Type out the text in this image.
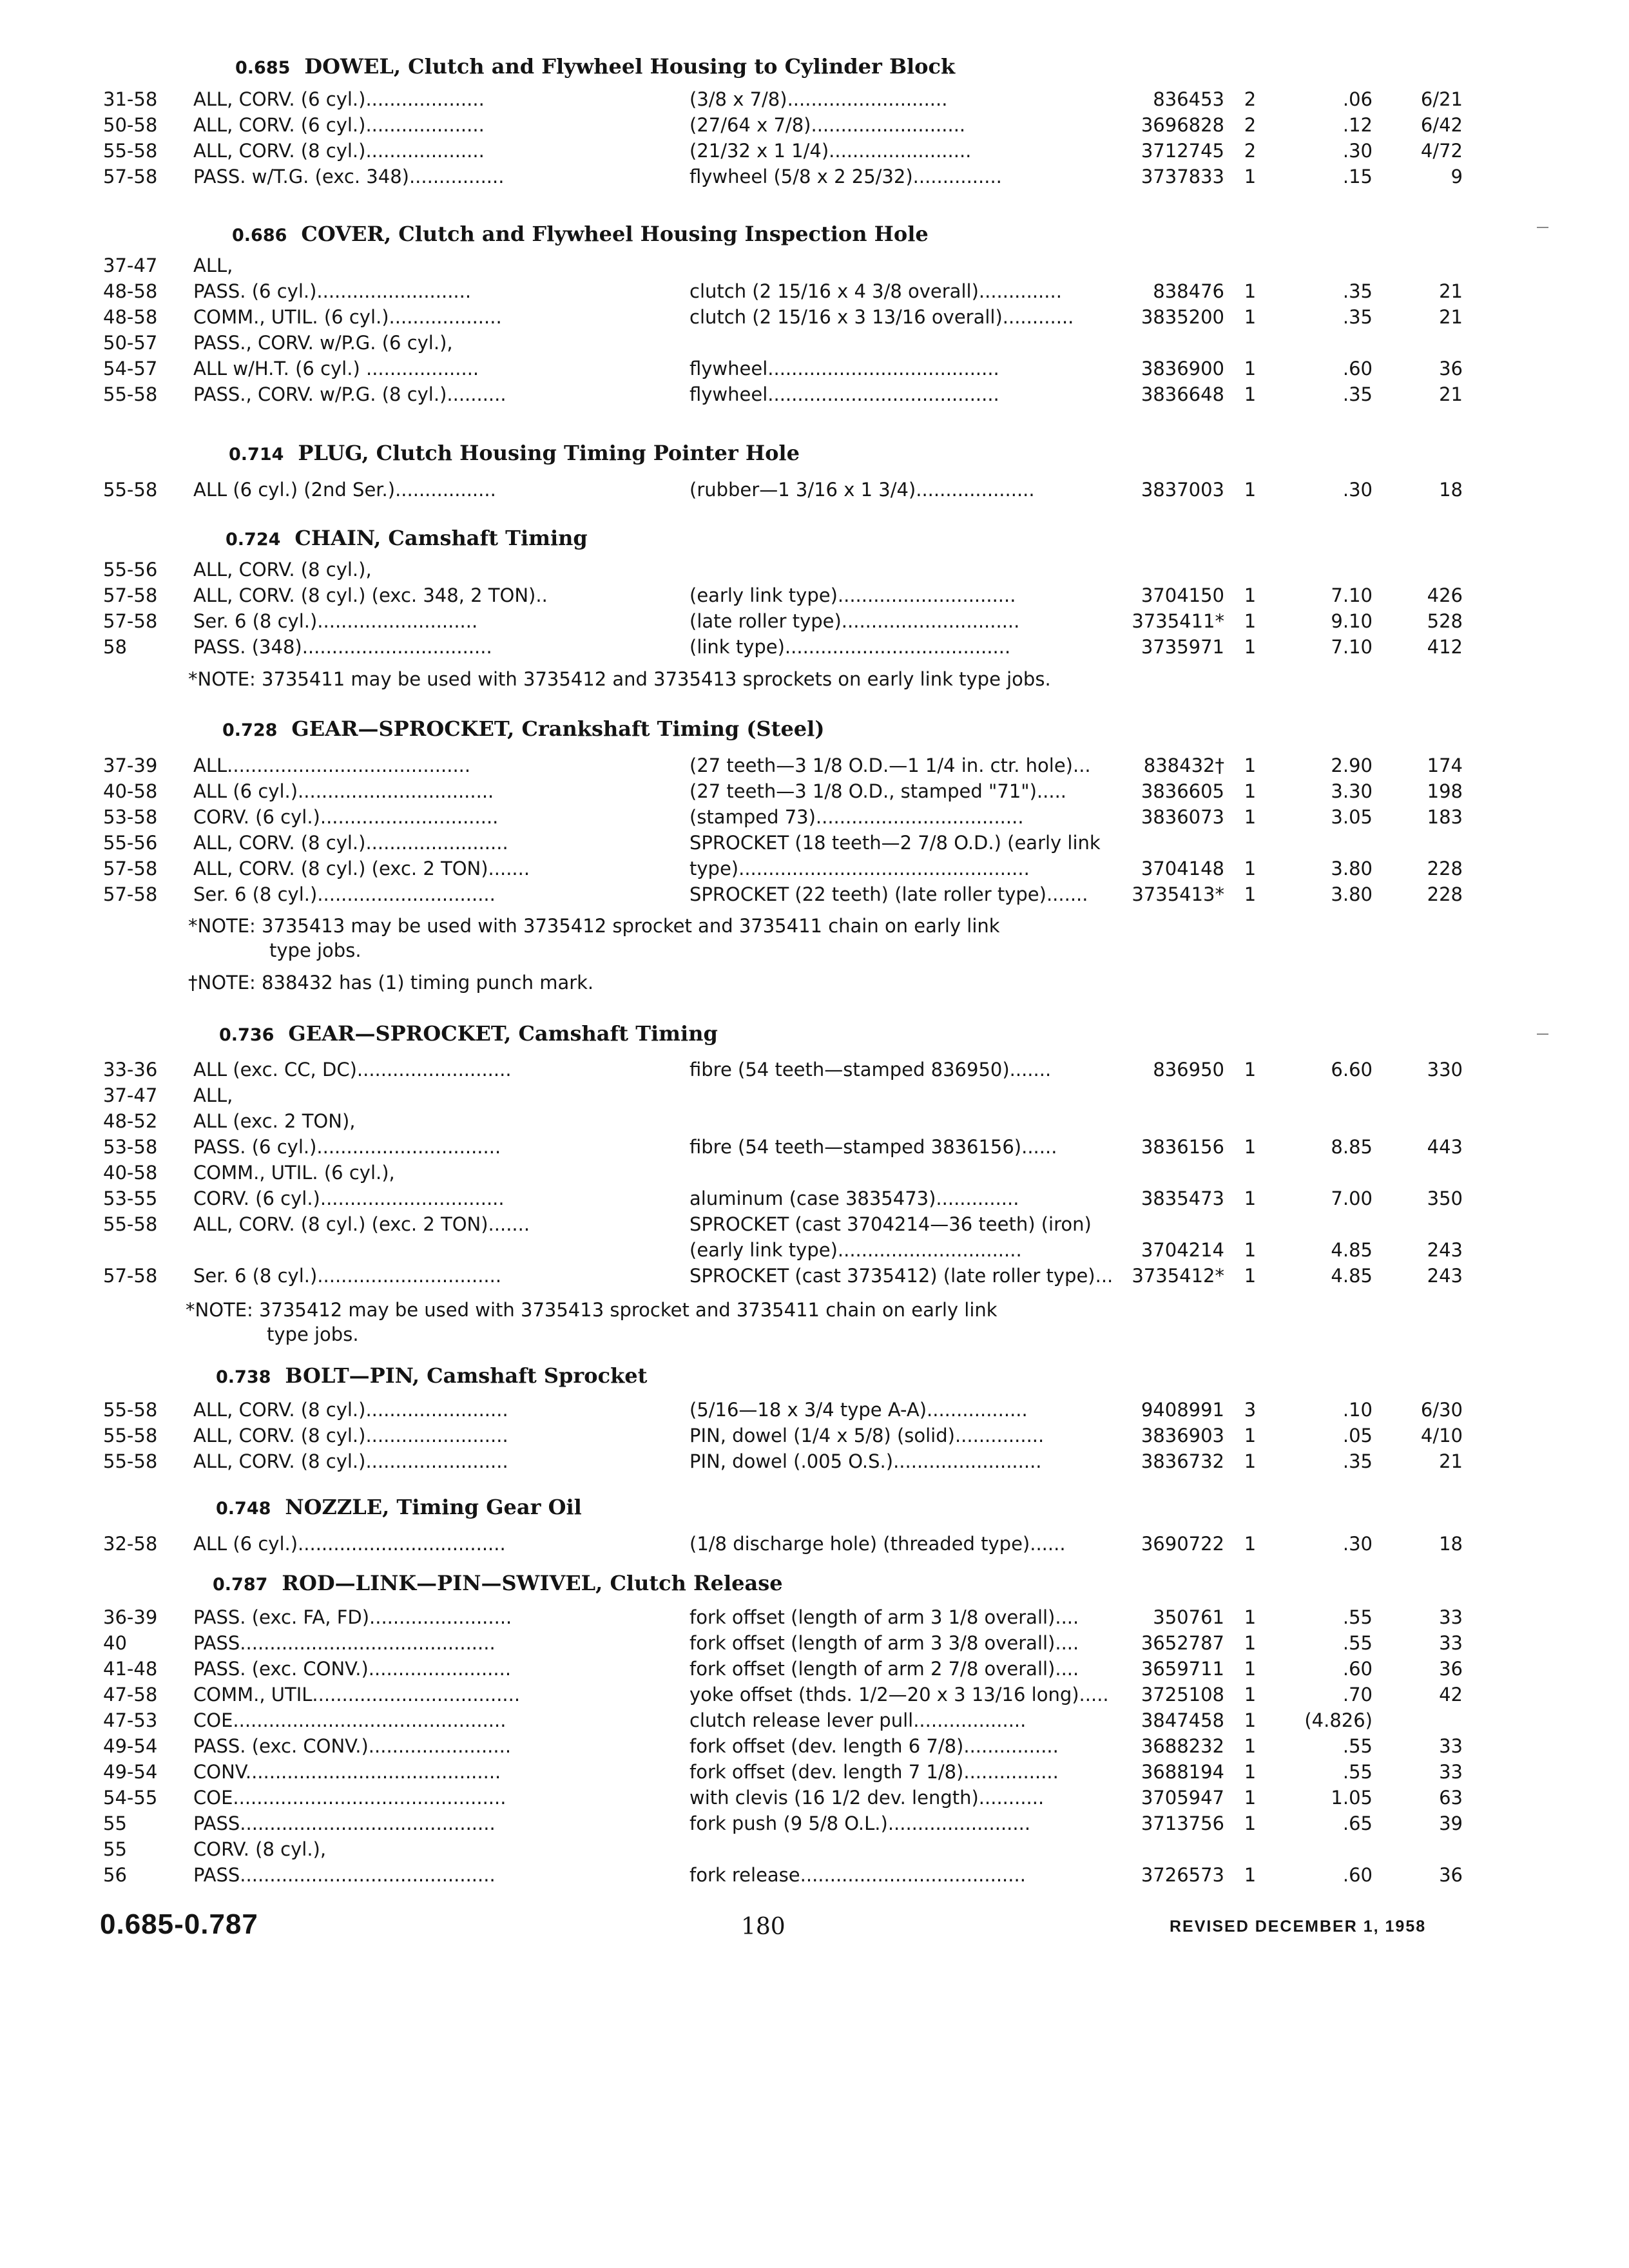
0.685 DOWEL, Clutch and Flywheel Housing to Cylinder Block
31-58 ALL, CORV. (6 cyl.)....................	(3/8 x 7/8)...........................	836453	2	.06	6/21
50-58 ALL, CORV. (6 cyl.)....................	(27/64 x 7/8)..........................	3696828	2	.12	6/42
55-58 ALL, CORV. (8 cyl.)....................	(21/32 x 1 1/4)........................	3712745	2	.30	4/72
57-58 PASS. w/T.G. (exc. 348)................	flywheel (5/8 x 2 25/32)...............	3737833	1	.15	9
0.686 COVER, Clutch and Flywheel Housing Inspection Hole
37-47 ALL,
48-58 PASS. (6 cyl.)..........................	clutch (2 15/16 x 4 3/8 overall)..............	838476	1	.35	21
48-58 COMM., UTIL. (6 cyl.)...................	clutch (2 15/16 x 3 13/16 overall)............	3835200	1	.35	21
50-57 PASS., CORV. w/P.G. (6 cyl.),
54-57 ALL w/H.T. (6 cyl.) ...................	flywheel.......................................	3836900	1	.60	36
55-58 PASS., CORV. w/P.G. (8 cyl.)..........	flywheel.......................................	3836648	1	.35	21
0.714 PLUG, Clutch Housing Timing Pointer Hole
55-58 ALL (6 cyl.) (2nd Ser.).................	(rubber—1 3/16 x 1 3/4)....................	3837003	1	.30	18
0.724 CHAIN, Camshaft Timing
55-56 ALL, CORV. (8 cyl.),
57-58 ALL, CORV. (8 cyl.) (exc. 348, 2 TON)..	(early link type)..............................	3704150	1	7.10	426
57-58 Ser. 6 (8 cyl.)...........................	(late roller type)..............................	3735411*	1	9.10	528
58	PASS. (348)................................	(link type)......................................	3735971	1	7.10	412
*NOTE: 3735411 may be used with 3735412 and 3735413 sprockets on early link type jobs.
0.728 GEAR—SPROCKET, Crankshaft Timing (Steel)
37-39 ALL.........................................	(27 teeth—3 1/8 O.D.—1 1/4 in. ctr. hole)...	838432†	1	2.90	174
40-58 ALL (6 cyl.).................................	(27 teeth—3 1/8 O.D., stamped "71").....	3836605	1	3.30	198
53-58 CORV. (6 cyl.)..............................	(stamped 73)...................................	3836073	1	3.05	183
55-56 ALL, CORV. (8 cyl.)........................	SPROCKET (18 teeth—2 7/8 O.D.) (early link
57-58 ALL, CORV. (8 cyl.) (exc. 2 TON).......	type).................................................	3704148	1	3.80	228
57-58 Ser. 6 (8 cyl.)..............................	SPROCKET (22 teeth) (late roller type).......	3735413*	1	3.80	228
*NOTE: 3735413 may be used with 3735412 sprocket and 3735411 chain on early link
type jobs.
†NOTE: 838432 has (1) timing punch mark.
0.736 GEAR—SPROCKET, Camshaft Timing
33-36 ALL (exc. CC, DC)..........................	fibre (54 teeth—stamped 836950).......	836950	1	6.60	330
37-47 ALL,
48-52 ALL (exc. 2 TON),
53-58 PASS. (6 cyl.)...............................	fibre (54 teeth—stamped 3836156)......	3836156	1	8.85	443
40-58 COMM., UTIL. (6 cyl.),
53-55 CORV. (6 cyl.)...............................	aluminum (case 3835473)..............	3835473	1	7.00	350
55-58 ALL, CORV. (8 cyl.) (exc. 2 TON).......	SPROCKET (cast 3704214—36 teeth) (iron)
(early link type)...............................	3704214	1	4.85	243
57-58 Ser. 6 (8 cyl.)...............................	SPROCKET (cast 3735412) (late roller type)...	3735412*	1	4.85	243
*NOTE: 3735412 may be used with 3735413 sprocket and 3735411 chain on early link
type jobs.
0.738 BOLT—PIN, Camshaft Sprocket
55-58 ALL, CORV. (8 cyl.)........................	(5/16—18 x 3/4 type A-A).................	9408991	3	.10	6/30
55-58 ALL, CORV. (8 cyl.)........................	PIN, dowel (1/4 x 5/8) (solid)...............	3836903	1	.05	4/10
55-58 ALL, CORV. (8 cyl.)........................	PIN, dowel (.005 O.S.).........................	3836732	1	.35	21
0.748 NOZZLE, Timing Gear Oil
32-58 ALL (6 cyl.)...................................	(1/8 discharge hole) (threaded type)......	3690722	1	.30	18
0.787 ROD—LINK—PIN—SWIVEL, Clutch Release
36-39 PASS. (exc. FA, FD)........................	fork offset (length of arm 3 1/8 overall)....	350761	1	.55	33
40	PASS...........................................	fork offset (length of arm 3 3/8 overall)....	3652787	1	.55	33
41-48 PASS. (exc. CONV.)........................	fork offset (length of arm 2 7/8 overall)....	3659711	1	.60	36
47-58 COMM., UTIL...................................	yoke offset (thds. 1/2—20 x 3 13/16 long).....	3725108	1	.70	42
47-53 COE..............................................	clutch release lever pull...................	3847458	1	(4.826)
49-54 PASS. (exc. CONV.)........................	fork offset (dev. length 6 7/8)................	3688232	1	.55	33
49-54 CONV...........................................	fork offset (dev. length 7 1/8)................	3688194	1	.55	33
54-55 COE..............................................	with clevis (16 1/2 dev. length)...........	3705947	1	1.05	63
55	PASS...........................................	fork push (9 5/8 O.L.)........................	3713756	1	.65	39
55	CORV. (8 cyl.),
56	PASS...........................................	fork release......................................	3726573	1	.60	36
0.685-0.787	180	REVISED DECEMBER 1, 1958
